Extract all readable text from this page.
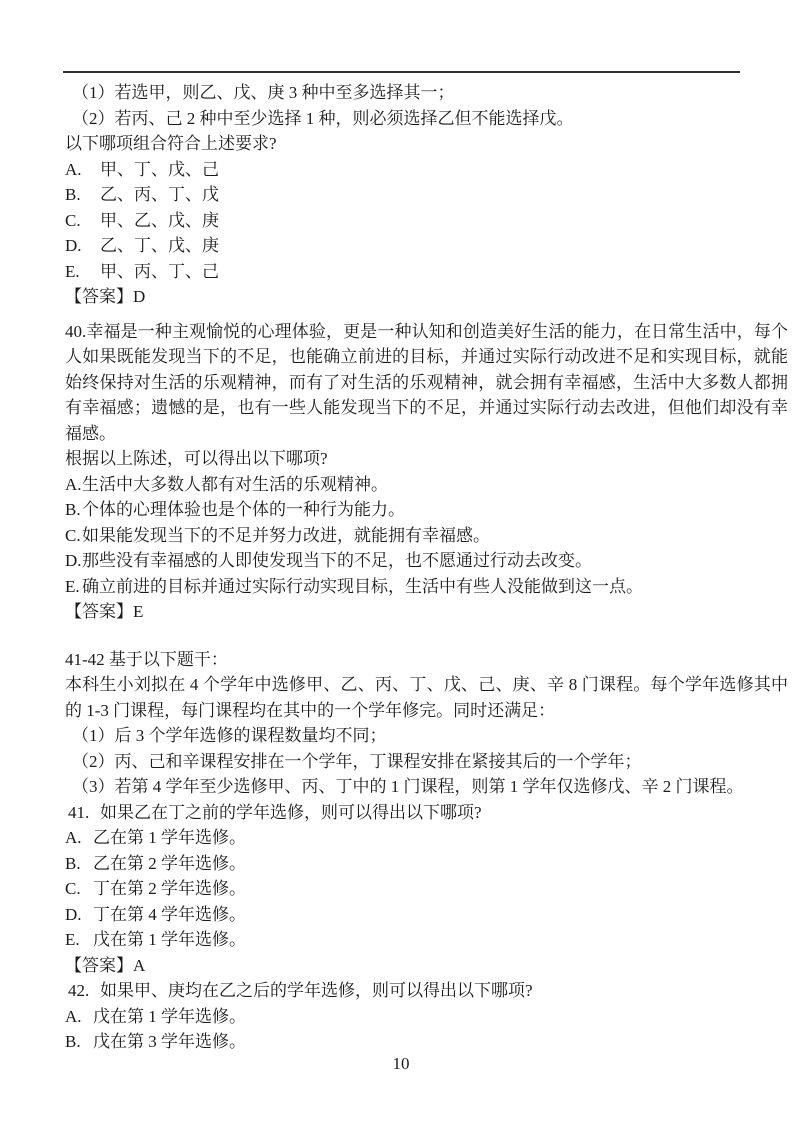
（1）若选甲，则乙、戊、庚 3 种中至多选择其一；
（2）若丙、己 2 种中至少选择 1 种，则必须选择乙但不能选择戊。
以下哪项组合符合上述要求?
A.	甲、丁、戊、己
B.	乙、丙、丁、戊
C.	甲、乙、戊、庚
D.	乙、丁、戊、庚
E.	甲、丙、丁、己
【答案】D
40.幸福是一种主观愉悦的心理体验，更是一种认知和创造美好生活的能力，在日常生活中，每个人如果既能发现当下的不足，也能确立前进的目标，并通过实际行动改进不足和实现目标，就能始终保持对生活的乐观精神，而有了对生活的乐观精神，就会拥有幸福感，生活中大多数人都拥有幸福感；遗憾的是，也有一些人能发现当下的不足，并通过实际行动去改进，但他们却没有幸福感。
根据以上陈述，可以得出以下哪项?
A. 生活中大多数人都有对生活的乐观精神。
B. 个体的心理体验也是个体的一种行为能力。
C. 如果能发现当下的不足并努力改进，就能拥有幸福感。
D. 那些没有幸福感的人即使发现当下的不足，也不愿通过行动去改变。
E. 确立前进的目标并通过实际行动实现目标，生活中有些人没能做到这一点。
【答案】E
41-42 基于以下题干：
本科生小刘拟在 4 个学年中选修甲、乙、丙、丁、戊、己、庚、辛 8 门课程。每个学年选修其中的 1-3 门课程，每门课程均在其中的一个学年修完。同时还满足：
（1）后 3 个学年选修的课程数量均不同；
（2）丙、己和辛课程安排在一个学年，丁课程安排在紧接其后的一个学年；
（3）若第 4 学年至少选修甲、丙、丁中的 1 门课程，则第 1 学年仅选修戊、辛 2 门课程。
41. 如果乙在丁之前的学年选修，则可以得出以下哪项?
A. 乙在第 1 学年选修。
B. 乙在第 2 学年选修。
C. 丁在第 2 学年选修。
D. 丁在第 4 学年选修。
E. 戊在第 1 学年选修。
【答案】A
42. 如果甲、庚均在乙之后的学年选修，则可以得出以下哪项?
A. 戊在第 1 学年选修。
B. 戊在第 3 学年选修。
10
